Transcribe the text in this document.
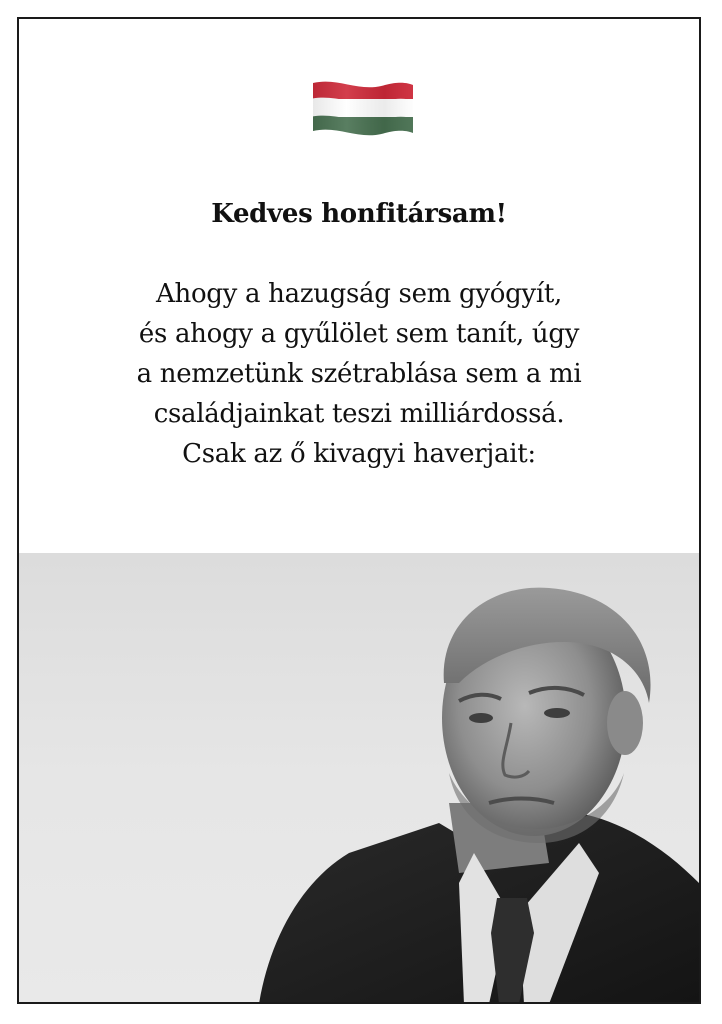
Kedves honfitársam!
Ahogy a hazugság sem gyógyít,
és ahogy a gyűlölet sem tanít, úgy
a nemzetünk szétrablása sem a mi
családjainkat teszi milliárdossá.
Csak az ő kivagyi haverjait:
